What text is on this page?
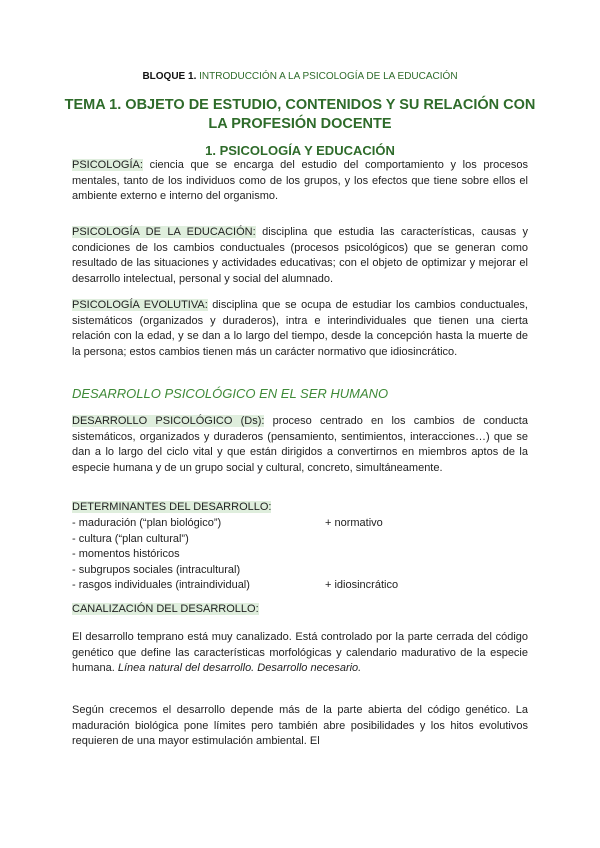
BLOQUE 1. INTRODUCCIÓN A LA PSICOLOGÍA DE LA EDUCACIÓN
TEMA 1. OBJETO DE ESTUDIO, CONTENIDOS Y SU RELACIÓN CON LA PROFESIÓN DOCENTE
1. PSICOLOGÍA Y EDUCACIÓN

PSICOLOGÍA: ciencia que se encarga del estudio del comportamiento y los procesos mentales, tanto de los individuos como de los grupos, y los efectos que tiene sobre ellos el ambiente externo e interno del organismo.

PSICOLOGÍA DE LA EDUCACIÓN: disciplina que estudia las características, causas y condiciones de los cambios conductuales (procesos psicológicos) que se generan como resultado de las situaciones y actividades educativas; con el objeto de optimizar y mejorar el desarrollo intelectual, personal y social del alumnado.

PSICOLOGÍA EVOLUTIVA: disciplina que se ocupa de estudiar los cambios conductuales, sistemáticos (organizados y duraderos), intra e interindividuales que tienen una cierta relación con la edad, y se dan a lo largo del tiempo, desde la concepción hasta la muerte de la persona; estos cambios tienen más un carácter normativo que idiosincrático.

DESARROLLO PSICOLÓGICO EN EL SER HUMANO

DESARROLLO PSICOLÓGICO (Ds): proceso centrado en los cambios de conducta sistemáticos, organizados y duraderos (pensamiento, sentimientos, interacciones…) que se dan a lo largo del ciclo vital y que están dirigidos a convertirnos en miembros aptos de la especie humana y de un grupo social y cultural, concreto, simultáneamente.

DETERMINANTES DEL DESARROLLO:
- maduración (“plan biológico”)	+ normativo
- cultura (“plan cultural”)
- momentos históricos
- subgrupos sociales (intracultural)
- rasgos individuales (intraindividual)	+ idiosincrático
CANALIZACIÓN DEL DESARROLLO:

El desarrollo temprano está muy canalizado. Está controlado por la parte cerrada del código genético que define las características morfológicas y calendario madurativo de la especie humana. Línea natural del desarrollo. Desarrollo necesario.

Según crecemos el desarrollo depende más de la parte abierta del código genético. La maduración biológica pone límites pero también abre posibilidades y los hitos evolutivos requieren de una mayor estimulación ambiental. El
